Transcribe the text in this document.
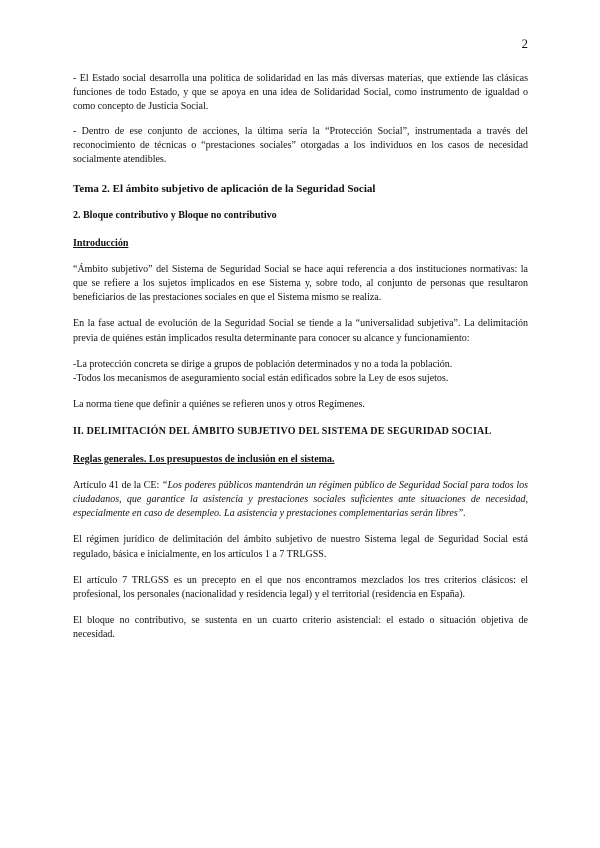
2

- El Estado social desarrolla una política de solidaridad en las más diversas materias, que extiende las clásicas funciones de todo Estado, y que se apoya en una idea de Solidaridad Social, como instrumento de igualdad o como concepto de Justicia Social.

- Dentro de ese conjunto de acciones, la última sería la “Protección Social”, instrumentada a través del reconocimiento de técnicas o “prestaciones sociales” otorgadas a los individuos en los casos de necesidad socialmente atendibles.

Tema 2. El ámbito subjetivo de aplicación de la Seguridad Social

2. Bloque contributivo y Bloque no contributivo

Introducción

“Ámbito subjetivo” del Sistema de Seguridad Social se hace aquí referencia a dos instituciones normativas: la que se refiere a los sujetos implicados en ese Sistema y, sobre todo, al conjunto de personas que resultaron beneficiarios de las prestaciones sociales en que el Sistema mismo se realiza.

En la fase actual de evolución de la Seguridad Social se tiende a la “universalidad subjetiva”. La delimitación previa de quiénes están implicados resulta determinante para conocer su alcance y funcionamiento:

-La protección concreta se dirige a grupos de población determinados y no a toda la población.

-Todos los mecanismos de aseguramiento social están edificados sobre la Ley de esos sujetos.

La norma tiene que definir a quiénes se refieren unos y otros Regímenes.

II. DELIMITACIÓN DEL ÁMBITO SUBJETIVO DEL SISTEMA DE SEGURIDAD SOCIAL

Reglas generales. Los presupuestos de inclusión en el sistema.

Artículo 41 de la CE: “Los poderes públicos mantendrán un régimen público de Seguridad Social para todos los ciudadanos, que garantice la asistencia y prestaciones sociales suficientes ante situaciones de necesidad, especialmente en caso de desempleo. La asistencia y prestaciones complementarias serán libres”.

El régimen jurídico de delimitación del ámbito subjetivo de nuestro Sistema legal de Seguridad Social está regulado, básica e inicialmente, en los artículos 1 a 7 TRLGSS.

El artículo 7 TRLGSS es un precepto en el que nos encontramos mezclados los tres criterios clásicos: el profesional, los personales (nacionalidad y residencia legal) y el territorial (residencia en España).

El bloque no contributivo, se sustenta en un cuarto criterio asistencial: el estado o situación objetiva de necesidad.
